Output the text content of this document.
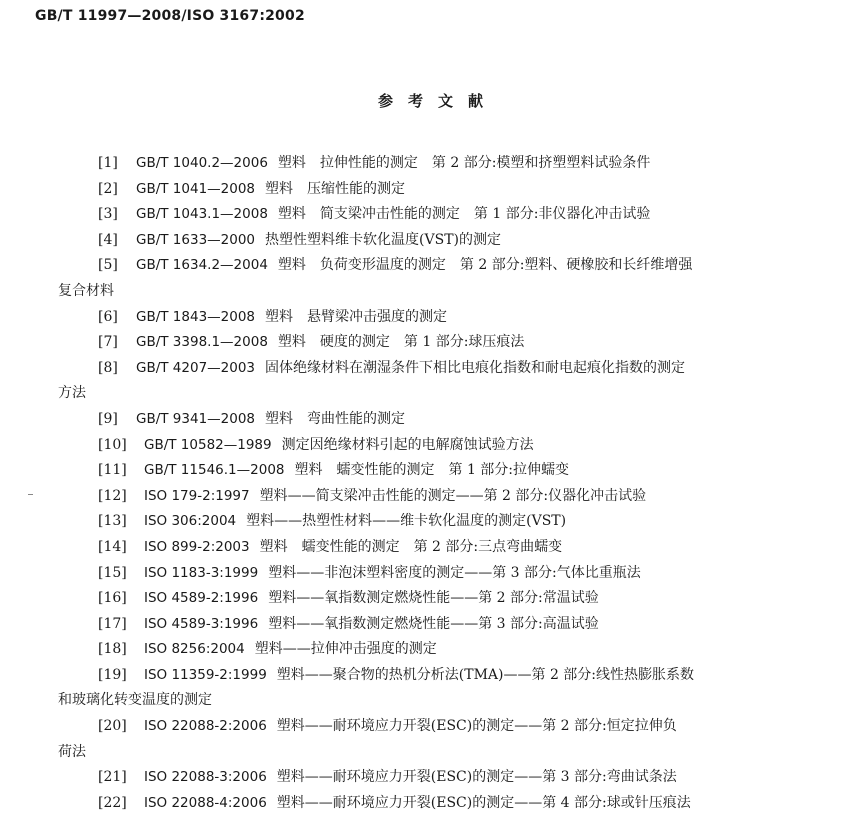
GB/T 11997—2008/ISO 3167:2002
参考文献
[1] GB/T 1040.2—2006 塑料　拉伸性能的测定　第 2 部分:模塑和挤塑塑料试验条件
[2] GB/T 1041—2008 塑料　压缩性能的测定
[3] GB/T 1043.1—2008 塑料　简支梁冲击性能的测定　第 1 部分:非仪器化冲击试验
[4] GB/T 1633—2000 热塑性塑料维卡软化温度(VST)的测定
[5] GB/T 1634.2—2004 塑料　负荷变形温度的测定　第 2 部分:塑料、硬橡胶和长纤维增强
复合材料
[6] GB/T 1843—2008 塑料　悬臂梁冲击强度的测定
[7] GB/T 3398.1—2008 塑料　硬度的测定　第 1 部分:球压痕法
[8] GB/T 4207—2003 固体绝缘材料在潮湿条件下相比电痕化指数和耐电起痕化指数的测定
方法
[9] GB/T 9341—2008 塑料　弯曲性能的测定
[10] GB/T 10582—1989 测定因绝缘材料引起的电解腐蚀试验方法
[11] GB/T 11546.1—2008 塑料　蠕变性能的测定　第 1 部分:拉伸蠕变
[12] ISO 179-2:1997 塑料——简支梁冲击性能的测定——第 2 部分:仪器化冲击试验
[13] ISO 306:2004 塑料——热塑性材料——维卡软化温度的测定(VST)
[14] ISO 899-2:2003 塑料　蠕变性能的测定　第 2 部分:三点弯曲蠕变
[15] ISO 1183-3:1999 塑料——非泡沫塑料密度的测定——第 3 部分:气体比重瓶法
[16] ISO 4589-2:1996 塑料——氧指数测定燃烧性能——第 2 部分:常温试验
[17] ISO 4589-3:1996 塑料——氧指数测定燃烧性能——第 3 部分:高温试验
[18] ISO 8256:2004 塑料——拉伸冲击强度的测定
[19] ISO 11359-2:1999 塑料——聚合物的热机分析法(TMA)——第 2 部分:线性热膨胀系数
和玻璃化转变温度的测定
[20] ISO 22088-2:2006 塑料——耐环境应力开裂(ESC)的测定——第 2 部分:恒定拉伸负
荷法
[21] ISO 22088-3:2006 塑料——耐环境应力开裂(ESC)的测定——第 3 部分:弯曲试条法
[22] ISO 22088-4:2006 塑料——耐环境应力开裂(ESC)的测定——第 4 部分:球或针压痕法
